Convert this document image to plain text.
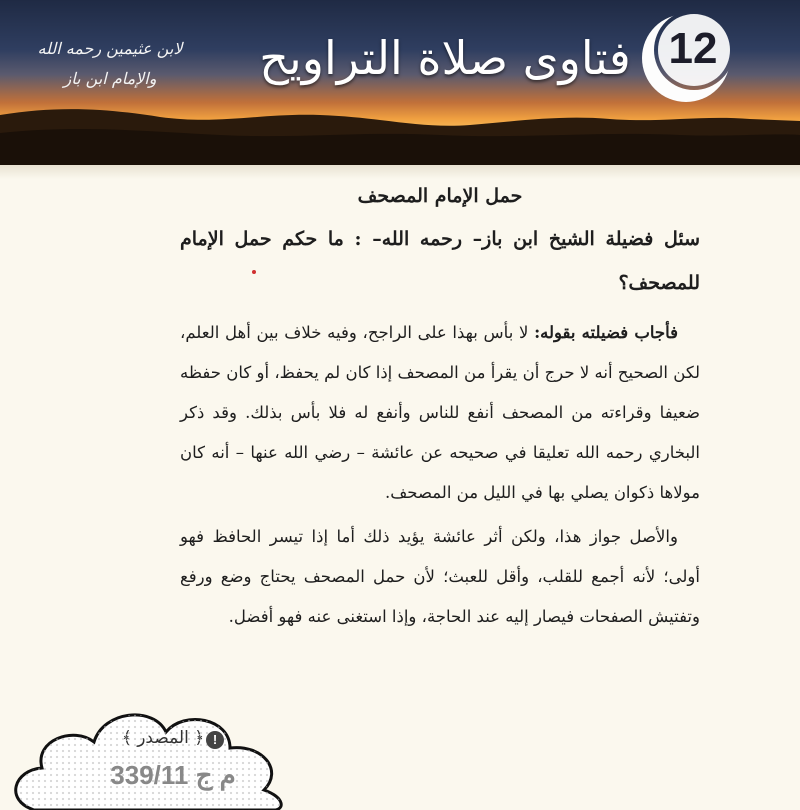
لابن عثيمين رحمه الله
والإمام ابن باز	فتاوى صلاة التراويح 12
حمل الإمام المصحف
سئل فضيلة الشيخ ابن باز– رحمه الله– : ما حكم حمل الإمام للمصحف؟

فأجاب فضيلته بقوله: لا بأس بهذا على الراجح، وفيه خلاف بين أهل العلم، لكن الصحيح أنه لا حرج أن يقرأ من المصحف إذا كان لم يحفظ، أو كان حفظه ضعيفا وقراءته من المصحف أنفع للناس وأنفع له فلا بأس بذلك. وقد ذكر البخاري رحمه الله تعليقا في صحيحه عن عائشة – رضي الله عنها – أنه كان مولاها ذكوان يصلي بها في الليل من المصحف.

والأصل جواز هذا، ولكن أثر عائشة يؤيد ذلك أما إذا تيسر الحافظ فهو أولى؛ لأنه أجمع للقلب، وأقل للعبث؛ لأن حمل المصحف يحتاج وضع ورفع وتفتيش الصفحات فيصار إليه عند الحاجة، وإذا استغنى عنه فهو أفضل.

!
﴿ المصدر ﴾
م ج 339/11
